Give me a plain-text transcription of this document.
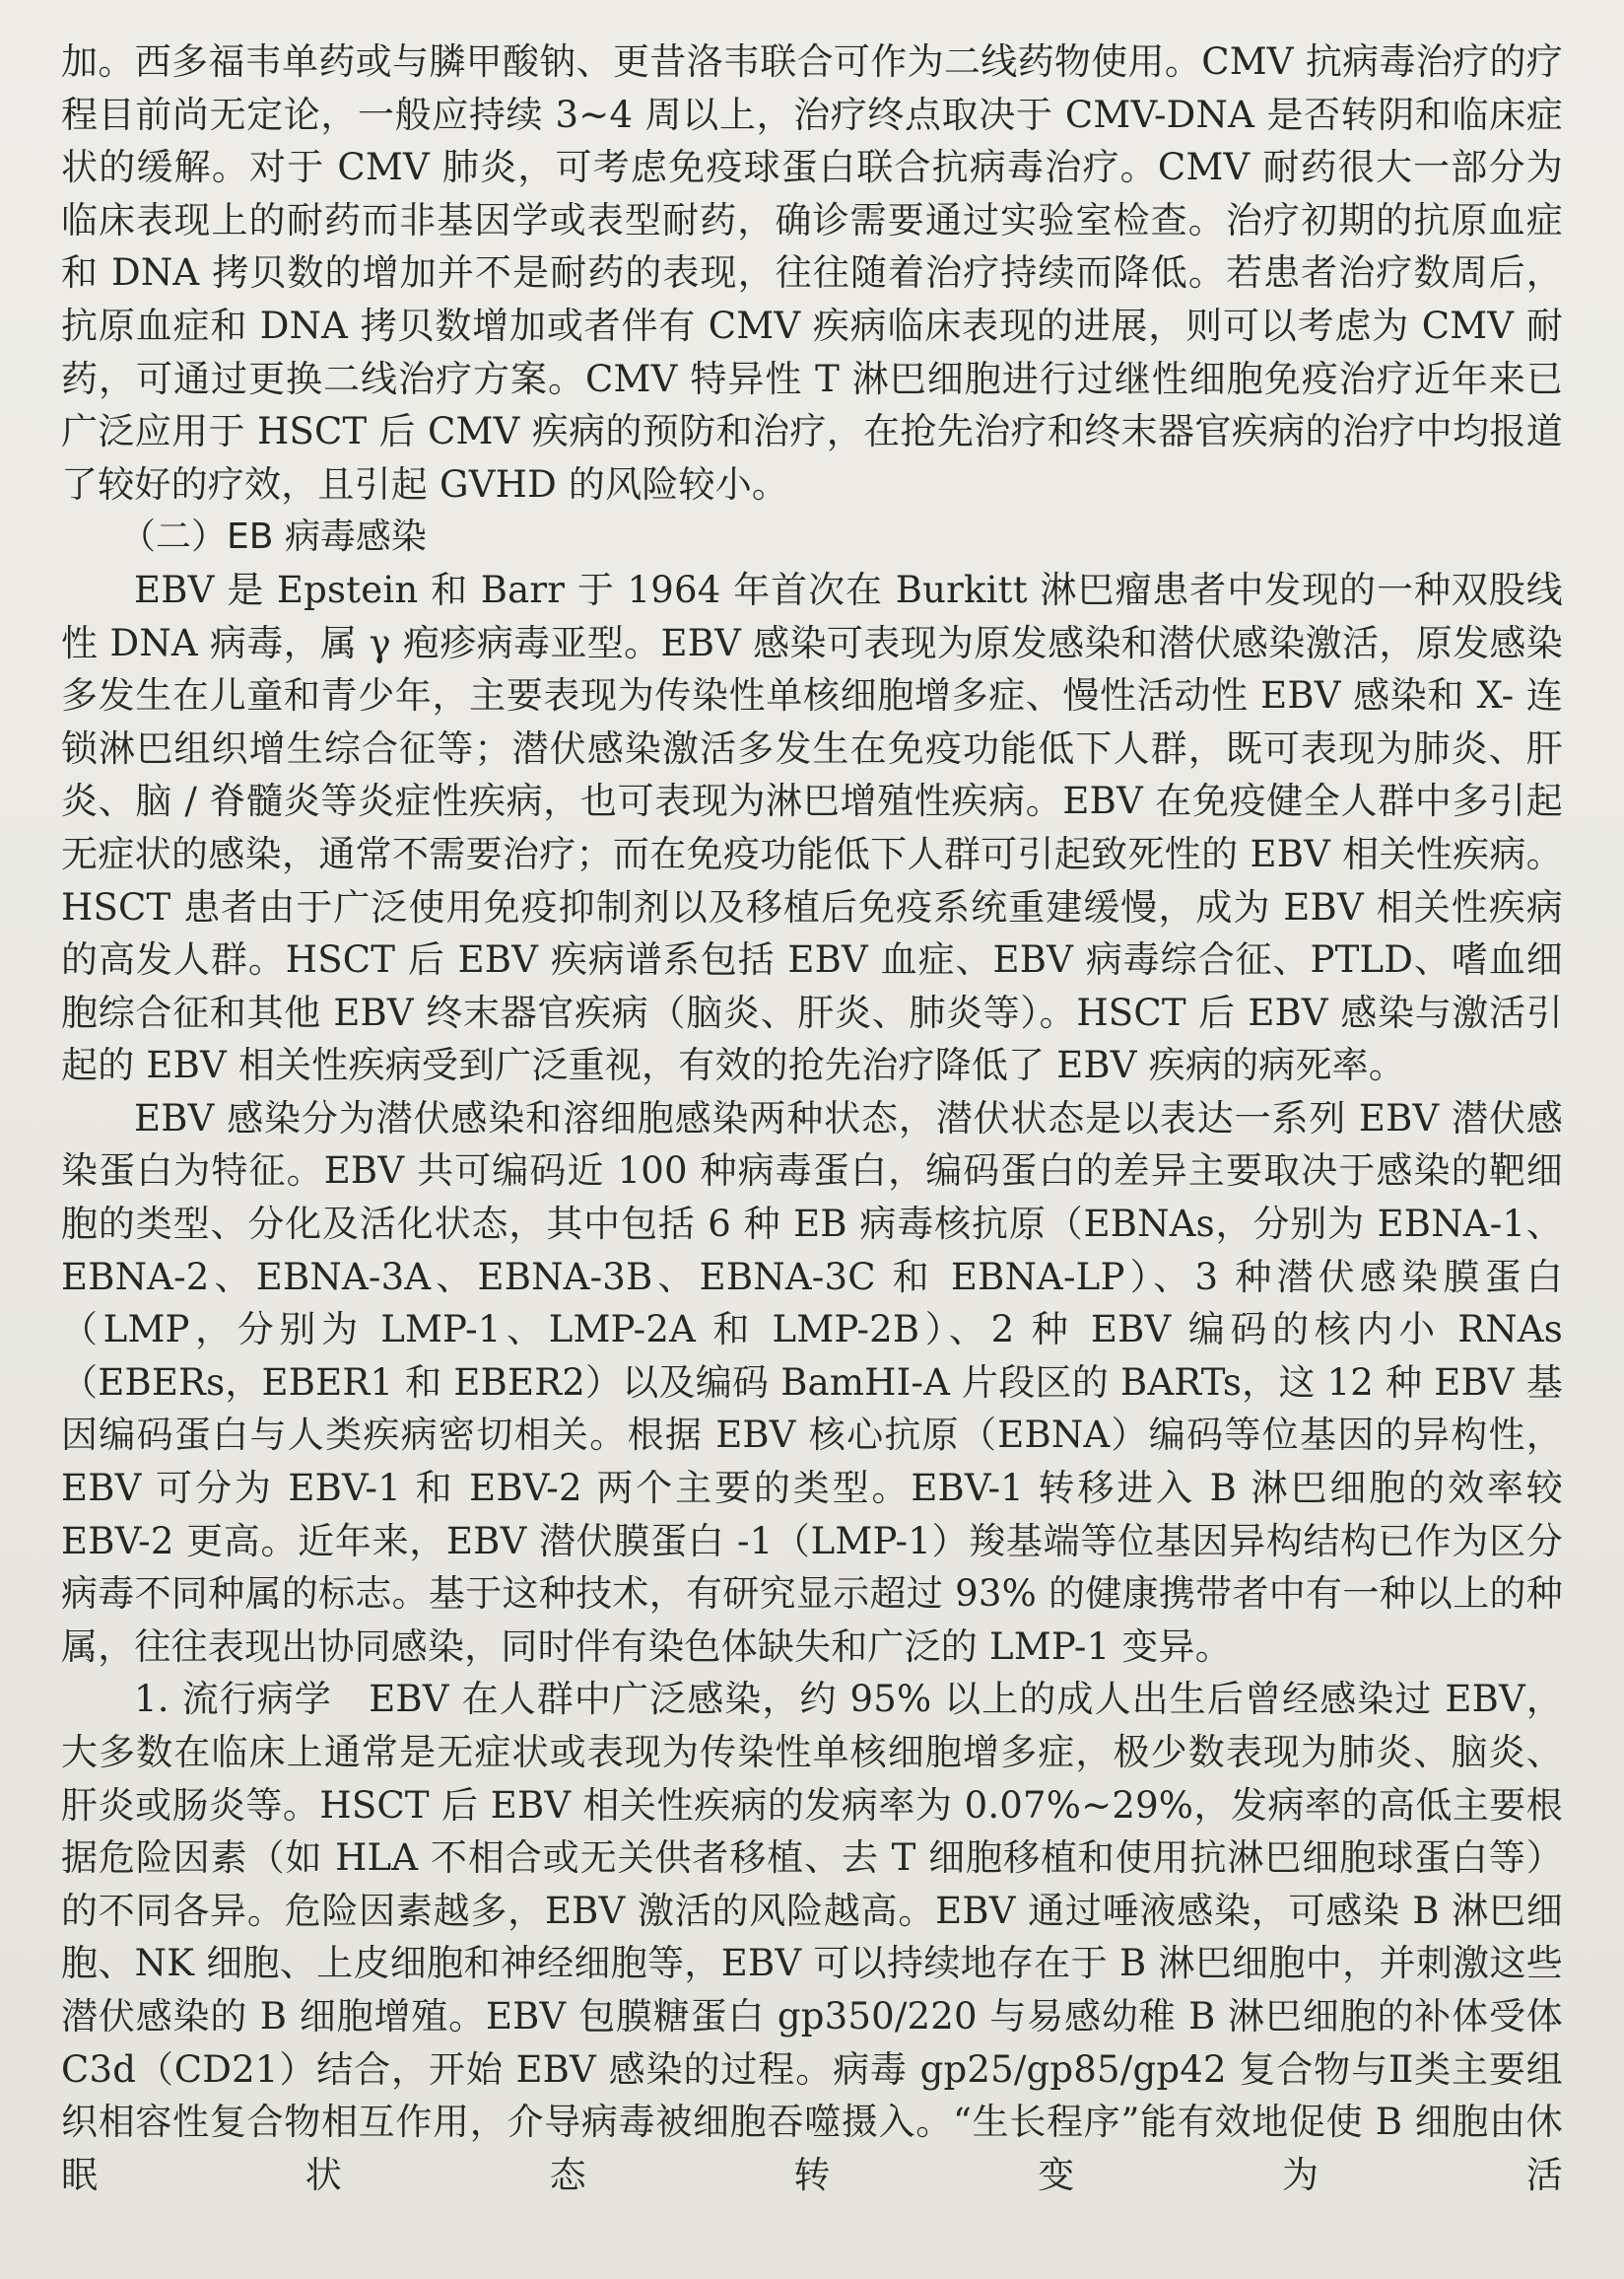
加。西多福韦单药或与膦甲酸钠、更昔洛韦联合可作为二线药物使用。CMV 抗病毒治疗的疗程目前尚无定论，一般应持续 3~4 周以上，治疗终点取决于 CMV-DNA 是否转阴和临床症状的缓解。对于 CMV 肺炎，可考虑免疫球蛋白联合抗病毒治疗。CMV 耐药很大一部分为临床表现上的耐药而非基因学或表型耐药，确诊需要通过实验室检查。治疗初期的抗原血症和 DNA 拷贝数的增加并不是耐药的表现，往往随着治疗持续而降低。若患者治疗数周后，抗原血症和 DNA 拷贝数增加或者伴有 CMV 疾病临床表现的进展，则可以考虑为 CMV 耐药，可通过更换二线治疗方案。CMV 特异性 T 淋巴细胞进行过继性细胞免疫治疗近年来已广泛应用于 HSCT 后 CMV 疾病的预防和治疗，在抢先治疗和终末器官疾病的治疗中均报道了较好的疗效，且引起 GVHD 的风险较小。

（二）EB 病毒感染

EBV 是 Epstein 和 Barr 于 1964 年首次在 Burkitt 淋巴瘤患者中发现的一种双股线性 DNA 病毒，属 γ 疱疹病毒亚型。EBV 感染可表现为原发感染和潜伏感染激活，原发感染多发生在儿童和青少年，主要表现为传染性单核细胞增多症、慢性活动性 EBV 感染和 X- 连锁淋巴组织增生综合征等；潜伏感染激活多发生在免疫功能低下人群，既可表现为肺炎、肝炎、脑 / 脊髓炎等炎症性疾病，也可表现为淋巴增殖性疾病。EBV 在免疫健全人群中多引起无症状的感染，通常不需要治疗；而在免疫功能低下人群可引起致死性的 EBV 相关性疾病。HSCT 患者由于广泛使用免疫抑制剂以及移植后免疫系统重建缓慢，成为 EBV 相关性疾病的高发人群。HSCT 后 EBV 疾病谱系包括 EBV 血症、EBV 病毒综合征、PTLD、嗜血细胞综合征和其他 EBV 终末器官疾病（脑炎、肝炎、肺炎等）。HSCT 后 EBV 感染与激活引起的 EBV 相关性疾病受到广泛重视，有效的抢先治疗降低了 EBV 疾病的病死率。

EBV 感染分为潜伏感染和溶细胞感染两种状态，潜伏状态是以表达一系列 EBV 潜伏感染蛋白为特征。EBV 共可编码近 100 种病毒蛋白，编码蛋白的差异主要取决于感染的靶细胞的类型、分化及活化状态，其中包括 6 种 EB 病毒核抗原（EBNAs，分别为 EBNA-1、EBNA-2、EBNA-3A、EBNA-3B、EBNA-3C 和 EBNA-LP）、3 种潜伏感染膜蛋白（LMP，分别为 LMP-1、LMP-2A 和 LMP-2B）、2 种 EBV 编码的核内小 RNAs（EBERs，EBER1 和 EBER2）以及编码 BamHI-A 片段区的 BARTs，这 12 种 EBV 基因编码蛋白与人类疾病密切相关。根据 EBV 核心抗原（EBNA）编码等位基因的异构性，EBV 可分为 EBV-1 和 EBV-2 两个主要的类型。EBV-1 转移进入 B 淋巴细胞的效率较 EBV-2 更高。近年来，EBV 潜伏膜蛋白 -1（LMP-1）羧基端等位基因异构结构已作为区分病毒不同种属的标志。基于这种技术，有研究显示超过 93% 的健康携带者中有一种以上的种属，往往表现出协同感染，同时伴有染色体缺失和广泛的 LMP-1 变异。

1. 流行病学  EBV 在人群中广泛感染，约 95% 以上的成人出生后曾经感染过 EBV，大多数在临床上通常是无症状或表现为传染性单核细胞增多症，极少数表现为肺炎、脑炎、肝炎或肠炎等。HSCT 后 EBV 相关性疾病的发病率为 0.07%~29%，发病率的高低主要根据危险因素（如 HLA 不相合或无关供者移植、去 T 细胞移植和使用抗淋巴细胞球蛋白等）的不同各异。危险因素越多，EBV 激活的风险越高。EBV 通过唾液感染，可感染 B 淋巴细胞、NK 细胞、上皮细胞和神经细胞等，EBV 可以持续地存在于 B 淋巴细胞中，并刺激这些潜伏感染的 B 细胞增殖。EBV 包膜糖蛋白 gp350/220 与易感幼稚 B 淋巴细胞的补体受体 C3d（CD21）结合，开始 EBV 感染的过程。病毒 gp25/gp85/gp42 复合物与Ⅱ类主要组织相容性复合物相互作用，介导病毒被细胞吞噬摄入。“生长程序”能有效地促使 B 细胞由休眠状态转变为活
